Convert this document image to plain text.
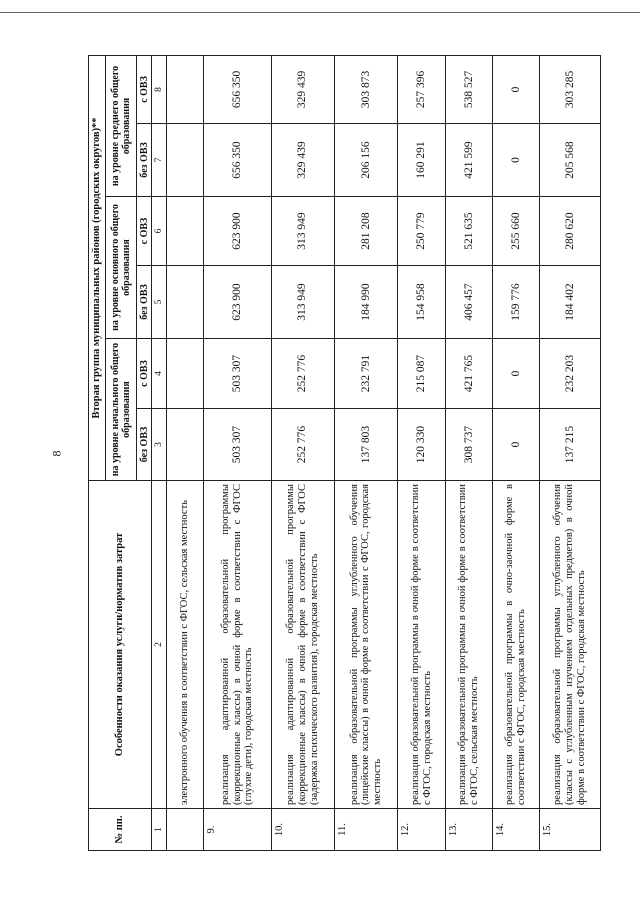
8
№ пп.	Особенности оказания услуги/норматив затрат	Вторая группа муниципальных районов (городских округов)**					
		на уровне начального общего образования		на уровне основного общего образования		на уровне среднего общего образования	
		без ОВЗ	с ОВЗ	без ОВЗ	с ОВЗ	без ОВЗ	с ОВЗ
1	2	3	4	5	6	7	8
	электронного обучения в соответствии с ФГОС, сельская местность						
9.	реализация адаптированной образовательной программы (коррекционные классы) в очной форме в соответствии с ФГОС (глухие дети), городская местность	503 307	503 307	623 900	623 900	656 350	656 350
10.	реализация адаптированной образовательной программы (коррекционные классы) в очной форме в соответствии с ФГОС (задержка психического развития), городская местность	252 776	252 776	313 949	313 949	329 439	329 439
11.	реализация образовательной программы углубленного обучения (лицейские классы) в очной форме в соответствии с ФГОС, городская местность	137 803	232 791	184 990	281 208	206 156	303 873
12.	реализация образовательной программы в очной форме в соответствии с ФГОС, городская местность	120 330	215 087	154 958	250 779	160 291	257 396
13.	реализация образовательной программы в очной форме в соответствии с ФГОС, сельская местность	308 737	421 765	406 457	521 635	421 599	538 527
14.	реализация образовательной программы в очно-заочной форме в соответствии с ФГОС, городская местность	0	0	159 776	255 660	0	0
15.	реализация образовательной программы углубленного обучения (классы с углубленным изучением отдельных предметов) в очной форме в соответствии с ФГОС, городская местность	137 215	232 203	184 402	280 620	205 568	303 285
